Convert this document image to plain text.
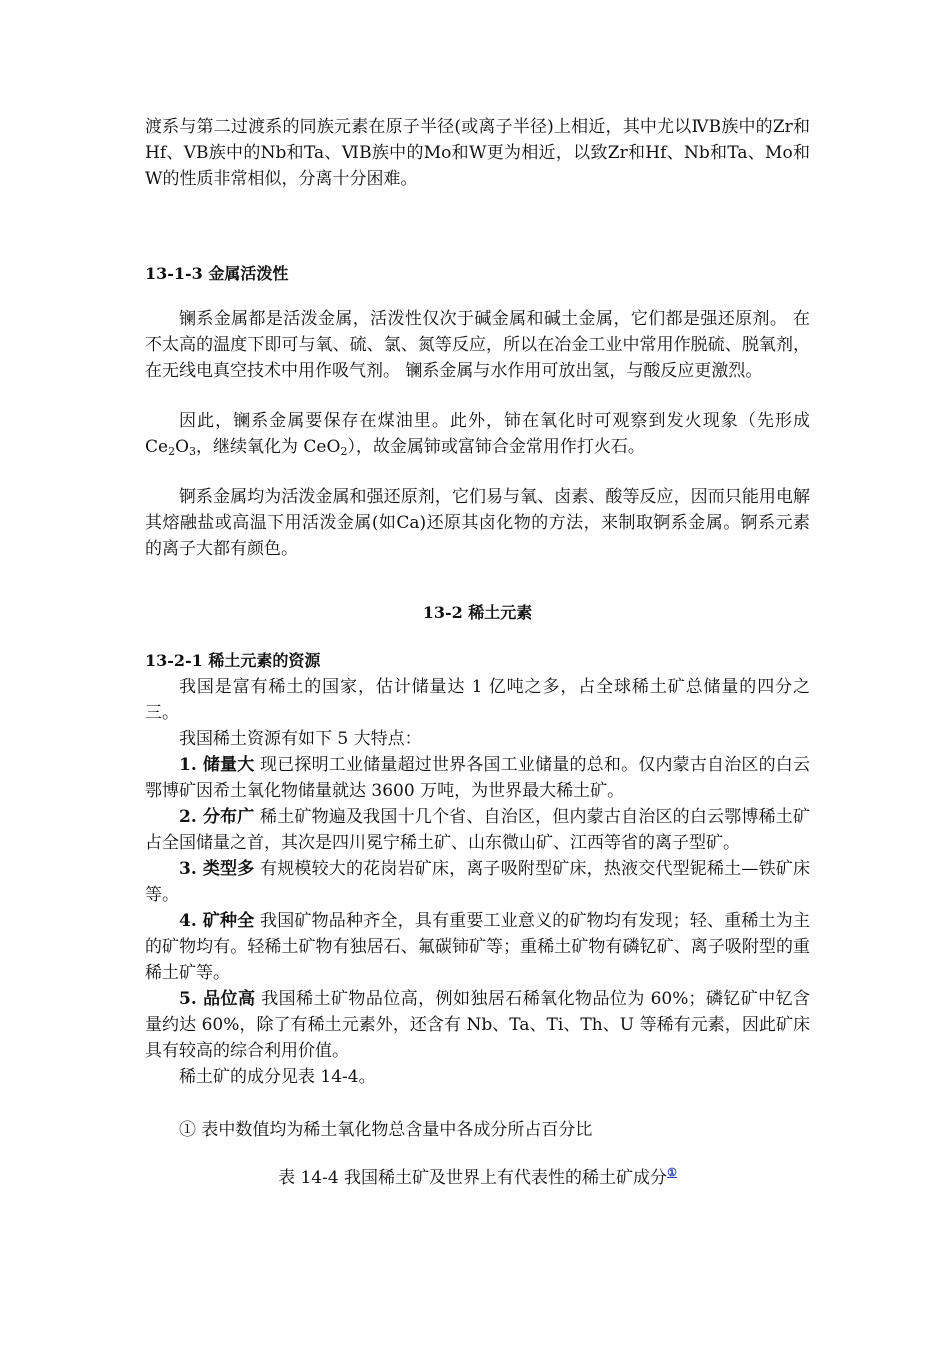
渡系与第二过渡系的同族元素在原子半径(或离子半径)上相近，其中尤以ⅣB族中的Zr和Hf、VB族中的Nb和Ta、ⅥB族中的Mo和W更为相近，以致Zr和Hf、Nb和Ta、Mo和W的性质非常相似，分离十分困难。

13-1-3 金属活泼性

镧系金属都是活泼金属，活泼性仅次于碱金属和碱土金属，它们都是强还原剂。 在不太高的温度下即可与氧、硫、氯、氮等反应，所以在冶金工业中常用作脱硫、脱氧剂，在无线电真空技术中用作吸气剂。 镧系金属与水作用可放出氢，与酸反应更激烈。

因此，镧系金属要保存在煤油里。此外，铈在氧化时可观察到发火现象（先形成 $Ce_2O_3$，继续氧化为 CeO$_2$），故金属铈或富铈合金常用作打火石。

锕系金属均为活泼金属和强还原剂，它们易与氧、卤素、酸等反应，因而只能用电解其熔融盐或高温下用活泼金属(如Ca)还原其卤化物的方法，来制取锕系金属。锕系元素的离子大都有颜色。

13-2 稀土元素

13-2-1 稀土元素的资源

我国是富有稀土的国家，估计储量达 1 亿吨之多，占全球稀土矿总储量的四分之三。

我国稀土资源有如下 5 大特点：

1. 储量大 现已探明工业储量超过世界各国工业储量的总和。仅内蒙古自治区的白云鄂博矿因希土氧化物储量就达 3600 万吨，为世界最大稀土矿。

2. 分布广 稀土矿物遍及我国十几个省、自治区，但内蒙古自治区的白云鄂博稀土矿占全国储量之首，其次是四川冕宁稀土矿、山东微山矿、江西等省的离子型矿。

3. 类型多 有规模较大的花岗岩矿床，离子吸附型矿床，热液交代型铌稀土—铁矿床等。

4. 矿种全 我国矿物品种齐全，具有重要工业意义的矿物均有发现；轻、重稀土为主的矿物均有。轻稀土矿物有独居石、氟碳铈矿等；重稀土矿物有磷钇矿、离子吸附型的重稀土矿等。

5. 品位高 我国稀土矿物品位高，例如独居石稀氧化物品位为 60%；磷钇矿中钇含量约达 60%，除了有稀土元素外，还含有 Nb、Ta、Ti、Th、U 等稀有元素，因此矿床具有较高的综合利用价值。

稀土矿的成分见表 14-4。

① 表中数值均为稀土氧化物总含量中各成分所占百分比

表 14-4 我国稀土矿及世界上有代表性的稀土矿成分①
